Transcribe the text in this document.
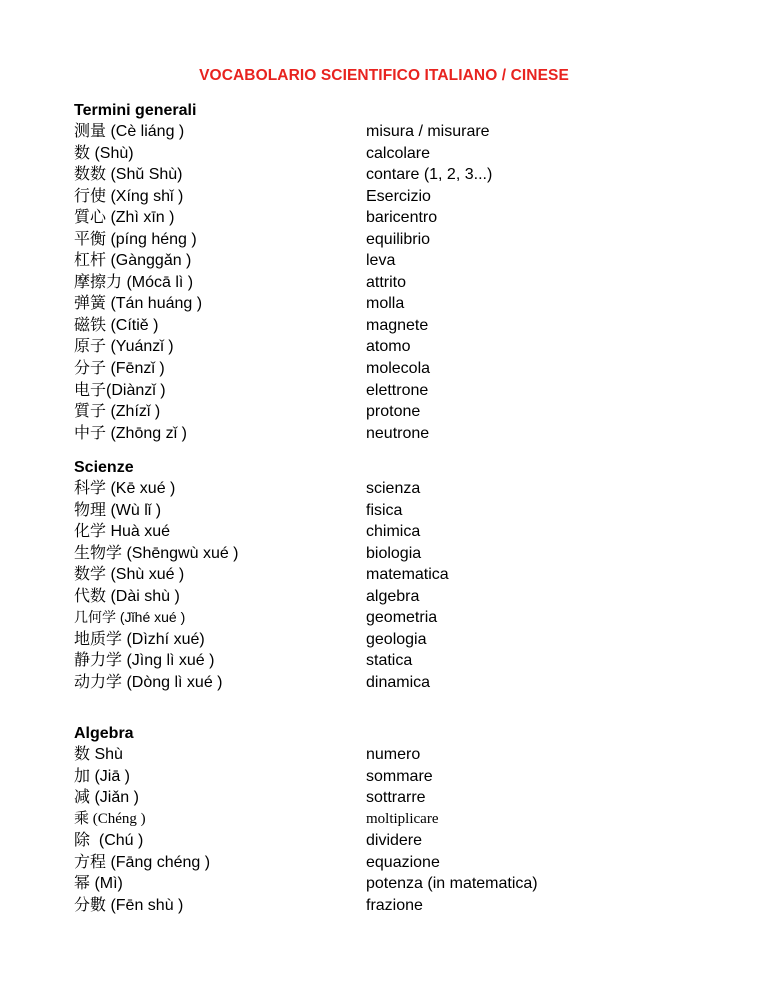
VOCABOLARIO SCIENTIFICO ITALIANO / CINESE
Termini generali
测量 (Cè liáng )	misura / misurare
数 (Shù)	calcolare
数数 (Shǔ Shù)	contare (1, 2, 3...)
行使 (Xíng shǐ )	Esercizio
質心 (Zhì xīn )	baricentro
平衡 (píng héng )	equilibrio
杠杆 (Gànggǎn )	leva
摩擦力 (Mócā lì )	attrito
弹簧 (Tán huáng )	molla
磁铁 (Cítiě )	magnete
原子 (Yuánzǐ )	atomo
分子 (Fēnzǐ )	molecola
电子(Diànzǐ )	elettrone
質子 (Zhízǐ )	protone
中子 (Zhōng zǐ )	neutrone
Scienze
科学 (Kē xué )	scienza
物理 (Wù lǐ )	fisica
化学 Huà xué	chimica
生物学 (Shēngwù xué )	biologia
数学 (Shù xué )	matematica
代数 (Dài shù )	algebra
几何学 (Jǐhé xué )	geometria
地质学 (Dìzhí xué)	geologia
静力学 (Jìng lì xué )	statica
动力学 (Dòng lì xué )	dinamica
Algebra
数 Shù	numero
加 (Jiā )	sommare
减 (Jiǎn )	sottrarre
乘 (Chéng )	moltiplicare
除  (Chú )	dividere
方程 (Fāng chéng )	equazione
幂 (Mì)	potenza (in matematica)
分數 (Fēn shù )	frazione
